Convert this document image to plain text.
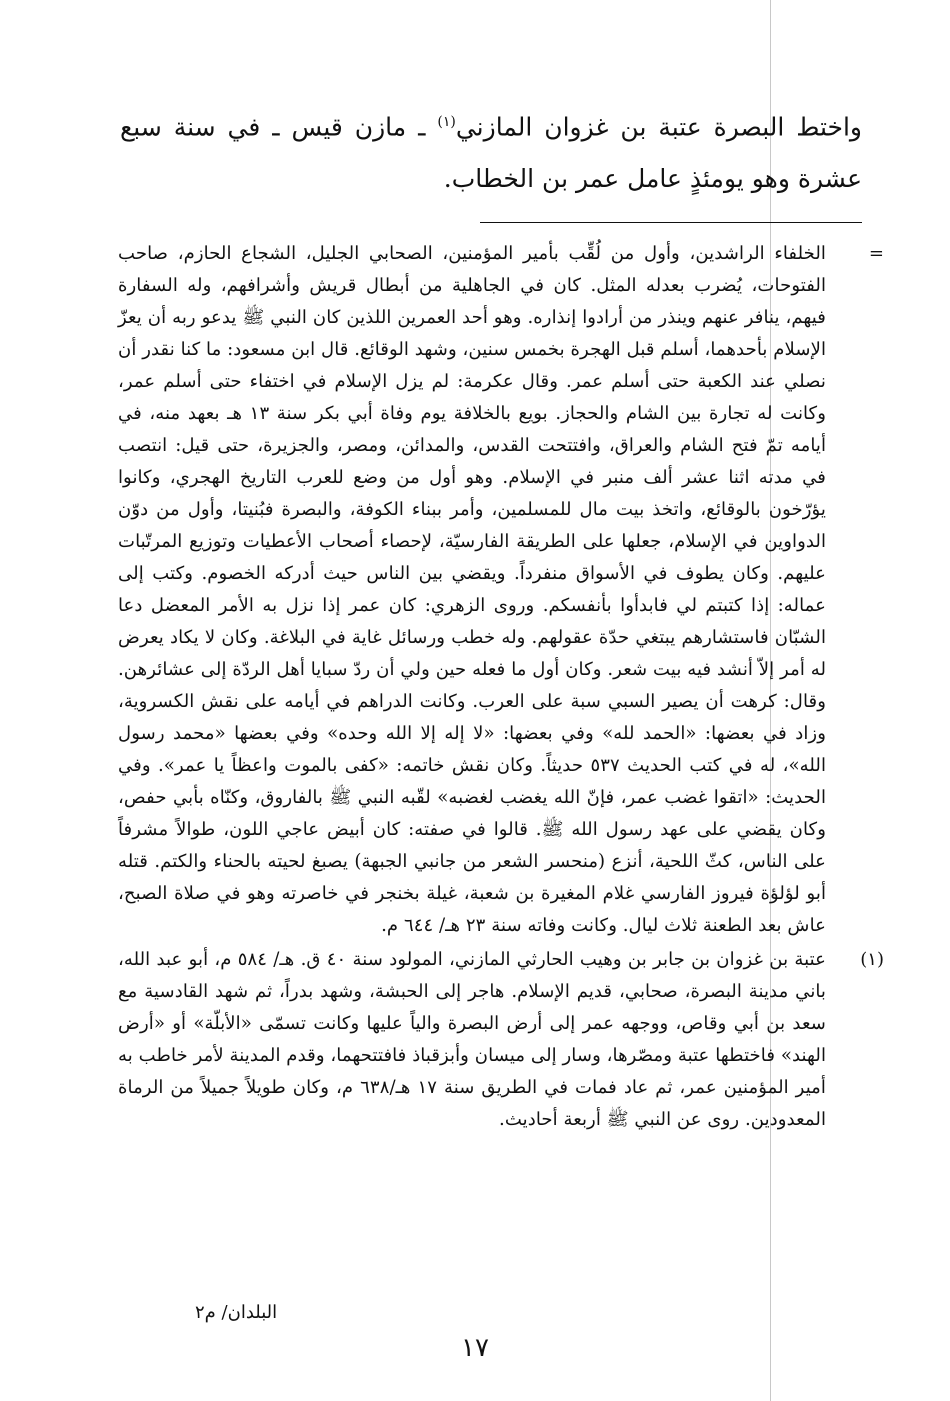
واختط البصرة عتبة بن غزوان المازني$^{(١)}$ ـ مازن قيس ـ في سنة سبع عشرة وهو يومئذٍ عامل عمر بن الخطاب.

=

الخلفاء الراشدين، وأول من لُقِّب بأمير المؤمنين، الصحابي الجليل، الشجاع الحازم، صاحب الفتوحات، يُضرب بعدله المثل. كان في الجاهلية من أبطال قريش وأشرافهم، وله السفارة فيهم، ينافر عنهم وينذر من أرادوا إنذاره. وهو أحد العمرين اللذين كان النبي ﷺ يدعو ربه أن يعزّ الإسلام بأحدهما، أسلم قبل الهجرة بخمس سنين، وشهد الوقائع. قال ابن مسعود: ما كنا نقدر أن نصلي عند الكعبة حتى أسلم عمر. وقال عكرمة: لم يزل الإسلام في اختفاء حتى أسلم عمر، وكانت له تجارة بين الشام والحجاز. بويع بالخلافة يوم وفاة أبي بكر سنة ١٣ هـ بعهد منه، في أيامه تمّ فتح الشام والعراق، وافتتحت القدس، والمدائن، ومصر، والجزيرة، حتى قيل: انتصب في مدته اثنا عشر ألف منبر في الإسلام. وهو أول من وضع للعرب التاريخ الهجري، وكانوا يؤرّخون بالوقائع، واتخذ بيت مال للمسلمين، وأمر ببناء الكوفة، والبصرة فبُنيتا، وأول من دوّن الدواوين في الإسلام، جعلها على الطريقة الفارسيّة، لإحصاء أصحاب الأعطيات وتوزيع المرتّبات عليهم. وكان يطوف في الأسواق منفرداً. ويقضي بين الناس حيث أدركه الخصوم. وكتب إلى عماله: إذا كتبتم لي فابدأوا بأنفسكم. وروى الزهري: كان عمر إذا نزل به الأمر المعضل دعا الشبّان فاستشارهم يبتغي حدّة عقولهم. وله خطب ورسائل غاية في البلاغة. وكان لا يكاد يعرض له أمر إلاّ أنشد فيه بيت شعر. وكان أول ما فعله حين ولي أن ردّ سبايا أهل الردّة إلى عشائرهن. وقال: كرهت أن يصير السبي سبة على العرب. وكانت الدراهم في أيامه على نقش الكسروية، وزاد في بعضها: «الحمد لله» وفي بعضها: «لا إله إلا الله وحده» وفي بعضها «محمد رسول الله»، له في كتب الحديث ٥٣٧ حديثاً. وكان نقش خاتمه: «كفى بالموت واعظاً يا عمر». وفي الحديث: «اتقوا غضب عمر، فإنّ الله يغضب لغضبه» لقّبه النبي ﷺ بالفاروق، وكنّاه بأبي حفص، وكان يقضي على عهد رسول الله ﷺ. قالوا في صفته: كان أبيض عاجي اللون، طوالاً مشرفاً على الناس، كثّ اللحية، أنزع (منحسر الشعر من جانبي الجبهة) يصبغ لحيته بالحناء والكتم. قتله أبو لؤلؤة فيروز الفارسي غلام المغيرة بن شعبة، غيلة بخنجر في خاصرته وهو في صلاة الصبح، عاش بعد الطعنة ثلاث ليال. وكانت وفاته سنة ٢٣ هـ/ ٦٤٤ م.

(١)

عتبة بن غزوان بن جابر بن وهيب الحارثي المازني، المولود سنة ٤٠ ق. هـ/ ٥٨٤ م، أبو عبد الله، باني مدينة البصرة، صحابي، قديم الإسلام. هاجر إلى الحبشة، وشهد بدراً، ثم شهد القادسية مع سعد بن أبي وقاص، ووجهه عمر إلى أرض البصرة والياً عليها وكانت تسمّى «الأبلّة» أو «أرض الهند» فاختطها عتبة ومصّرها، وسار إلى ميسان وأبزقباذ فافتتحهما، وقدم المدينة لأمر خاطب به أمير المؤمنين عمر، ثم عاد فمات في الطريق سنة ١٧ هـ/٦٣٨ م، وكان طويلاً جميلاً من الرماة المعدودين. روى عن النبي ﷺ أربعة أحاديث.

البلدان/ م٢
١٧
